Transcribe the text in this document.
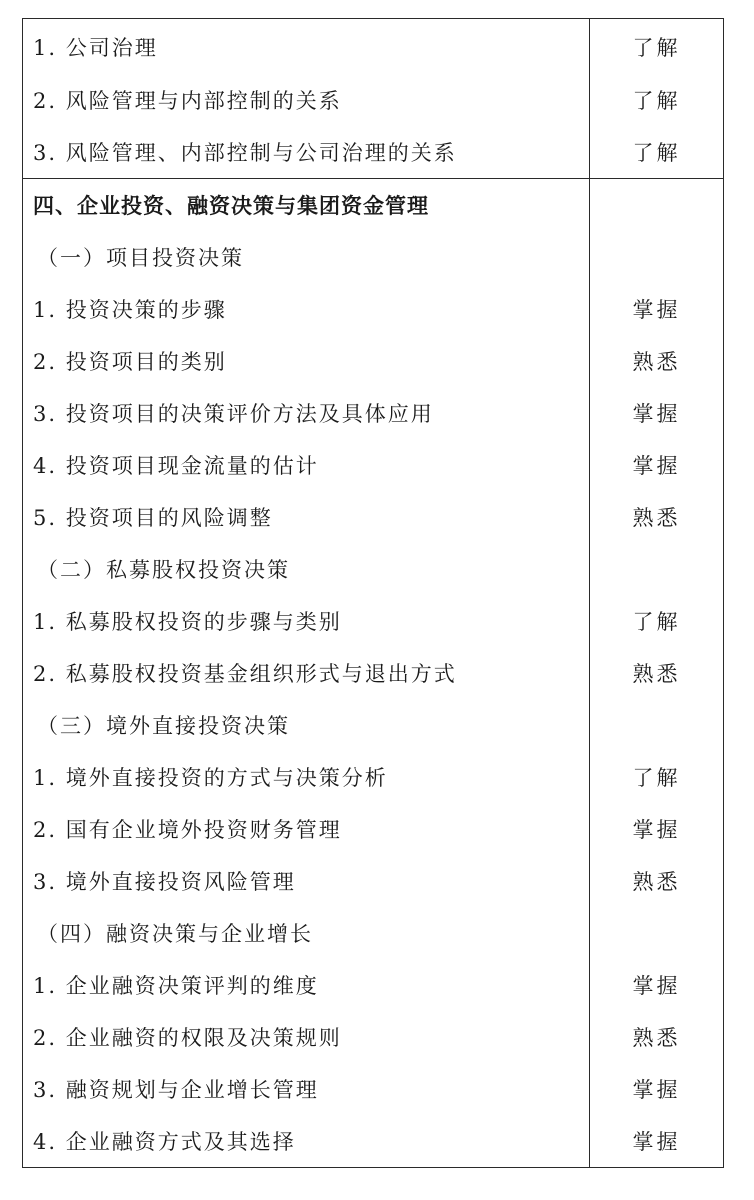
1. 公司治理	了解
2. 风险管理与内部控制的关系	了解
3. 风险管理、内部控制与公司治理的关系	了解
四、企业投资、融资决策与集团资金管理
（一）项目投资决策
1. 投资决策的步骤	掌握
2. 投资项目的类别	熟悉
3. 投资项目的决策评价方法及具体应用	掌握
4. 投资项目现金流量的估计	掌握
5. 投资项目的风险调整	熟悉
（二）私募股权投资决策
1. 私募股权投资的步骤与类别	了解
2. 私募股权投资基金组织形式与退出方式	熟悉
（三）境外直接投资决策
1. 境外直接投资的方式与决策分析	了解
2. 国有企业境外投资财务管理	掌握
3. 境外直接投资风险管理	熟悉
（四）融资决策与企业增长
1. 企业融资决策评判的维度	掌握
2. 企业融资的权限及决策规则	熟悉
3. 融资规划与企业增长管理	掌握
4. 企业融资方式及其选择	掌握
